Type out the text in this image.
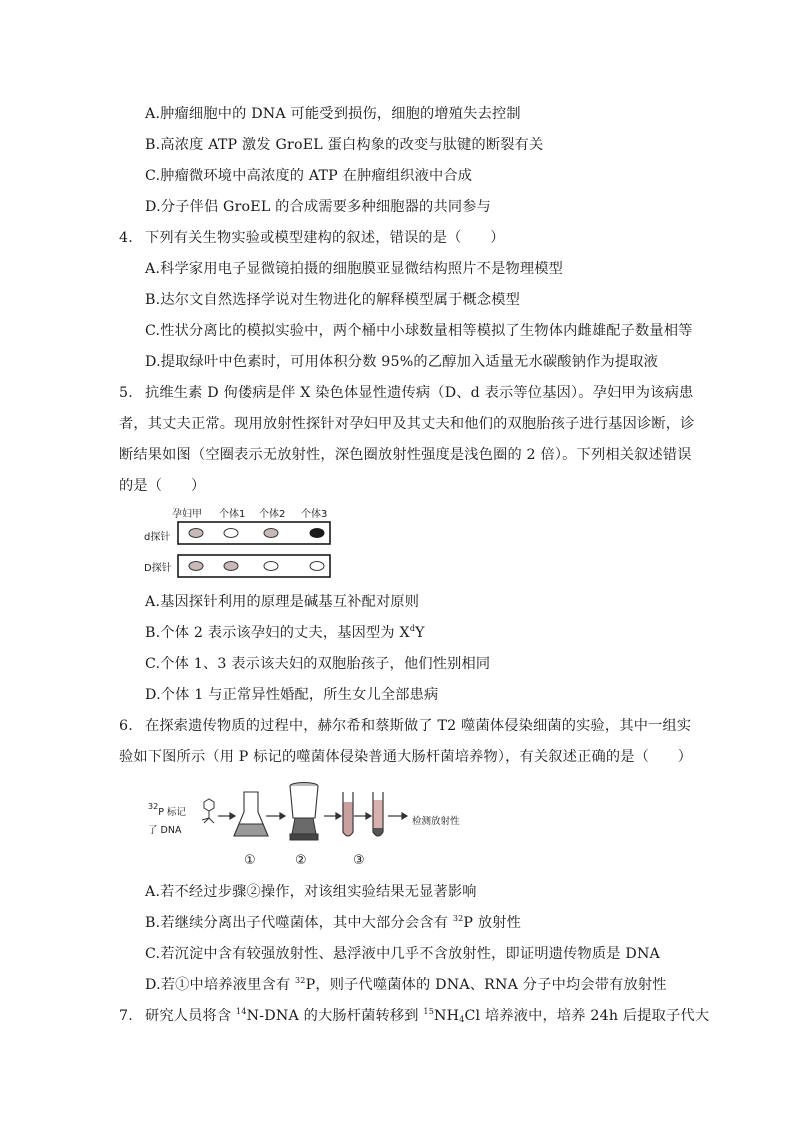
A.肿瘤细胞中的 DNA 可能受到损伤，细胞的增殖失去控制
B.高浓度 ATP 激发 GroEL 蛋白构象的改变与肽键的断裂有关
C.肿瘤微环境中高浓度的 ATP 在肿瘤组织液中合成
D.分子伴侣 GroEL 的合成需要多种细胞器的共同参与
4. 下列有关生物实验或模型建构的叙述，错误的是（　　）
A.科学家用电子显微镜拍摄的细胞膜亚显微结构照片不是物理模型
B.达尔文自然选择学说对生物进化的解释模型属于概念模型
C.性状分离比的模拟实验中，两个桶中小球数量相等模拟了生物体内雌雄配子数量相等
D.提取绿叶中色素时，可用体积分数 95%的乙醇加入适量无水碳酸钠作为提取液
5. 抗维生素 D 佝偻病是伴 X 染色体显性遗传病（D、d 表示等位基因）。孕妇甲为该病患
者，其丈夫正常。现用放射性探针对孕妇甲及其丈夫和他们的双胞胎孩子进行基因诊断，诊
断结果如图（空圈表示无放射性，深色圈放射性强度是浅色圈的 2 倍）。下列相关叙述错误
的是（　　）
孕妇甲 个体1 个体2 个体3
d探针
D探针
A.基因探针利用的原理是碱基互补配对原则
B.个体 2 表示该孕妇的丈夫，基因型为 $X^dY$
C.个体 1、3 表示该夫妇的双胞胎孩子，他们性别相同
D.个体 1 与正常异性婚配，所生女儿全部患病
6. 在探索遗传物质的过程中，赫尔希和蔡斯做了 T2 噬菌体侵染细菌的实验，其中一组实
验如下图所示（用 P 标记的噬菌体侵染普通大肠杆菌培养物），有关叙述正确的是（　　）
$^{32}$P 标记
了 DNA
检测放射性
①	②	③
A.若不经过步骤②操作，对该组实验结果无显著影响
B.若继续分离出子代噬菌体，其中大部分会含有 $^{32}$P 放射性
C.若沉淀中含有较强放射性、悬浮液中几乎不含放射性，即证明遗传物质是 DNA
D.若①中培养液里含有 $^{32}$P，则子代噬菌体的 DNA、RNA 分子中均会带有放射性
7. 研究人员将含 $^{14}$N-DNA 的大肠杆菌转移到 $^{15}NH_4Cl$ 培养液中，培养 24h 后提取子代大
